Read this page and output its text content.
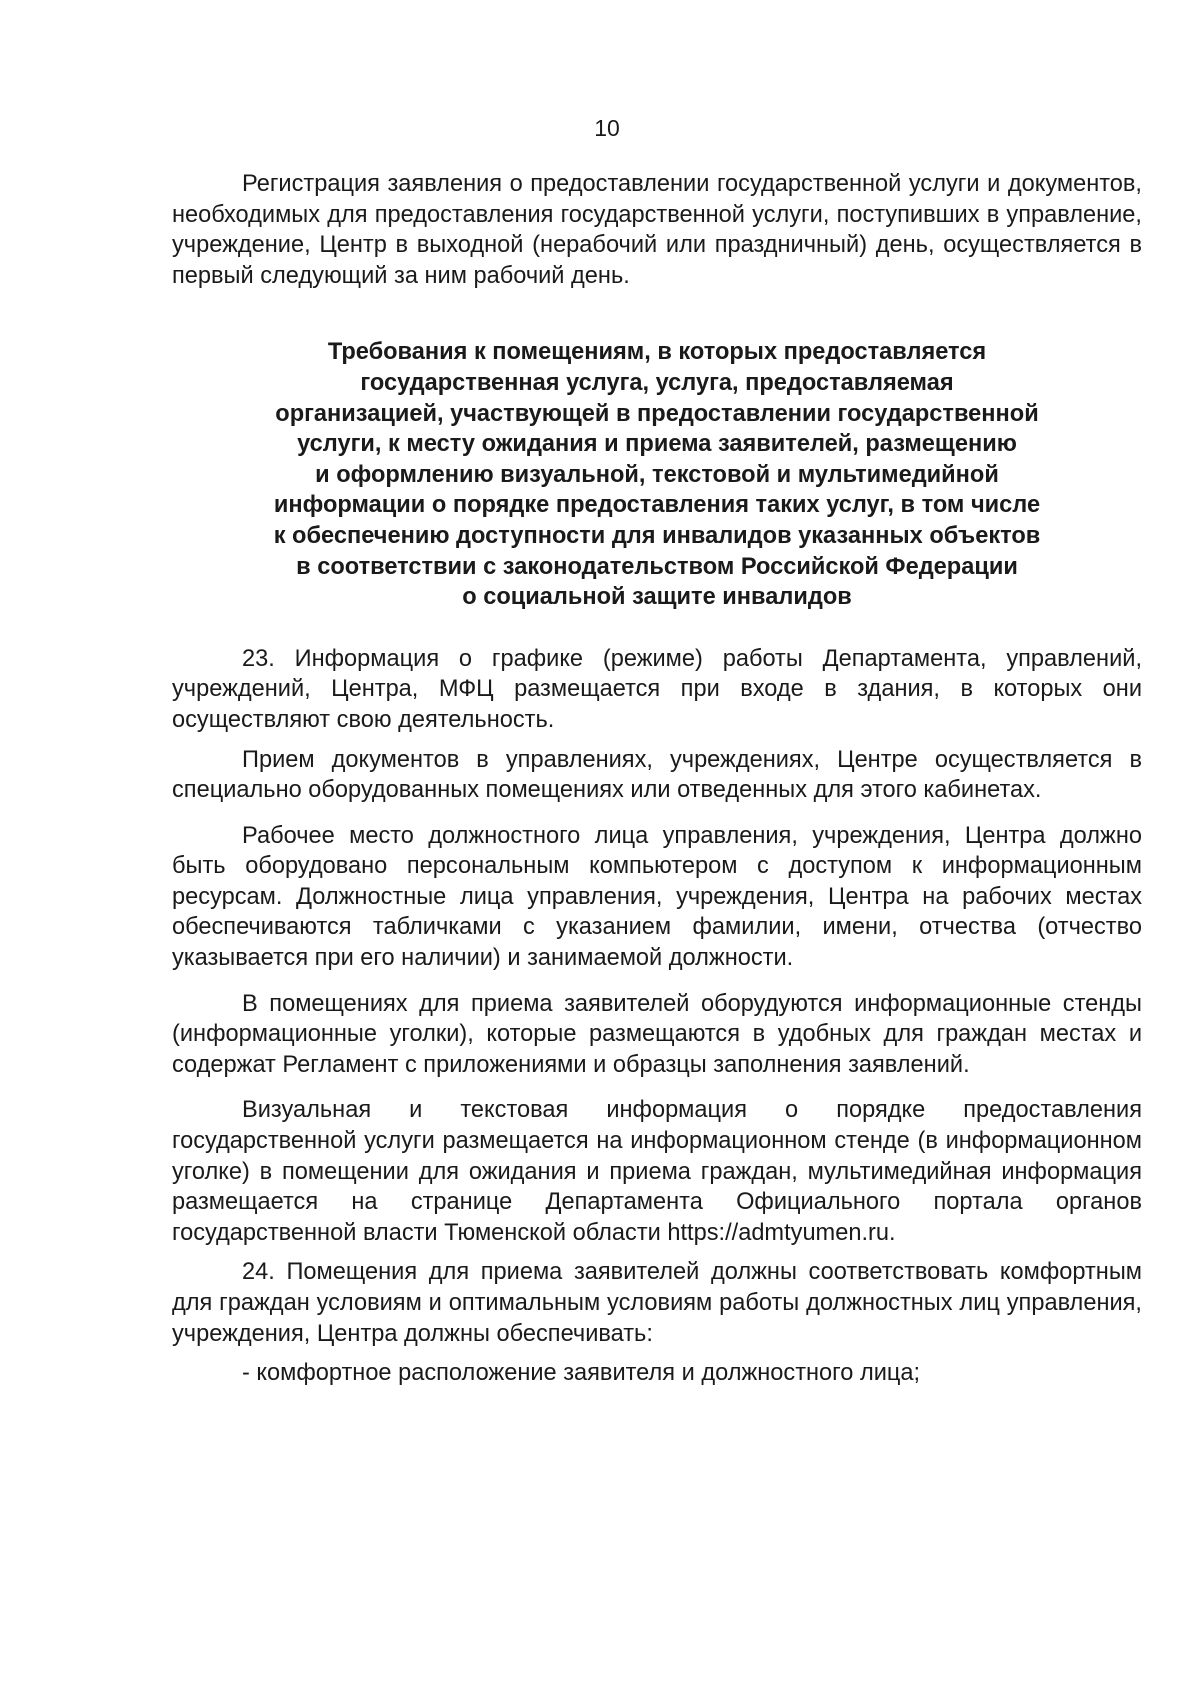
10

Регистрация заявления о предоставлении государственной услуги и документов, необходимых для предоставления государственной услуги, поступивших в управление, учреждение, Центр в выходной (нерабочий или праздничный) день, осуществляется в первый следующий за ним рабочий день.

Требования к помещениям, в которых предоставляется
государственная услуга, услуга, предоставляемая
организацией, участвующей в предоставлении государственной
услуги, к месту ожидания и приема заявителей, размещению
и оформлению визуальной, текстовой и мультимедийной
информации о порядке предоставления таких услуг, в том числе
к обеспечению доступности для инвалидов указанных объектов
в соответствии с законодательством Российской Федерации
о социальной защите инвалидов

23. Информация о графике (режиме) работы Департамента, управлений, учреждений, Центра, МФЦ размещается при входе в здания, в которых они осуществляют свою деятельность.

Прием документов в управлениях, учреждениях, Центре осуществляется в специально оборудованных помещениях или отведенных для этого кабинетах.

Рабочее место должностного лица управления, учреждения, Центра должно быть оборудовано персональным компьютером с доступом к информационным ресурсам. Должностные лица управления, учреждения, Центра на рабочих местах обеспечиваются табличками с указанием фамилии, имени, отчества (отчество указывается при его наличии) и занимаемой должности.

В помещениях для приема заявителей оборудуются информационные стенды (информационные уголки), которые размещаются в удобных для граждан местах и содержат Регламент с приложениями и образцы заполнения заявлений.

Визуальная и текстовая информация о порядке предоставления государственной услуги размещается на информационном стенде (в информационном уголке) в помещении для ожидания и приема граждан, мультимедийная информация размещается на странице Департамента Официального портала органов государственной власти Тюменской области https://admtyumen.ru.

24. Помещения для приема заявителей должны соответствовать комфортным для граждан условиям и оптимальным условиям работы должностных лиц управления, учреждения, Центра должны обеспечивать:

- комфортное расположение заявителя и должностного лица;
